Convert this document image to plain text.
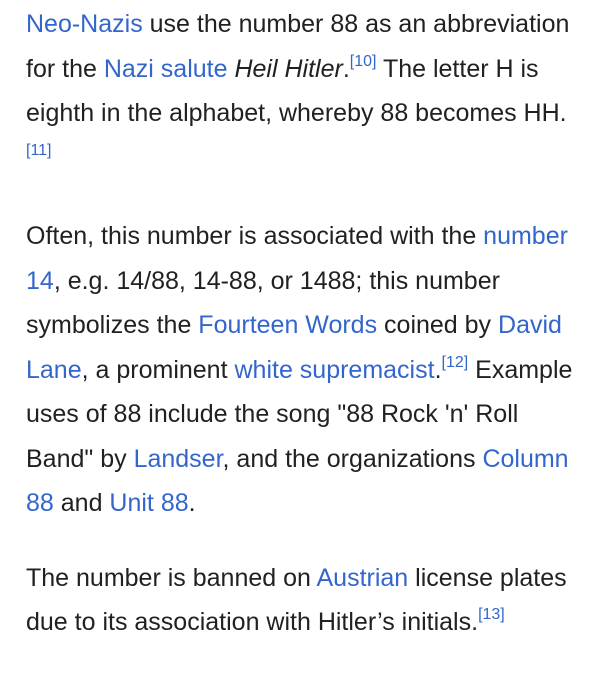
Neo-Nazis use the number 88 as an abbreviation for the Nazi salute Heil Hitler.[10] The letter H is eighth in the alphabet, whereby 88 becomes HH.[11]

Often, this number is associated with the number 14, e.g. 14/88, 14-88, or 1488; this number symbolizes the Fourteen Words coined by David Lane, a prominent white supremacist.[12] Example uses of 88 include the song "88 Rock 'n' Roll Band" by Landser, and the organizations Column 88 and Unit 88.

The number is banned on Austrian license plates due to its association with Hitler’s initials.[13]
